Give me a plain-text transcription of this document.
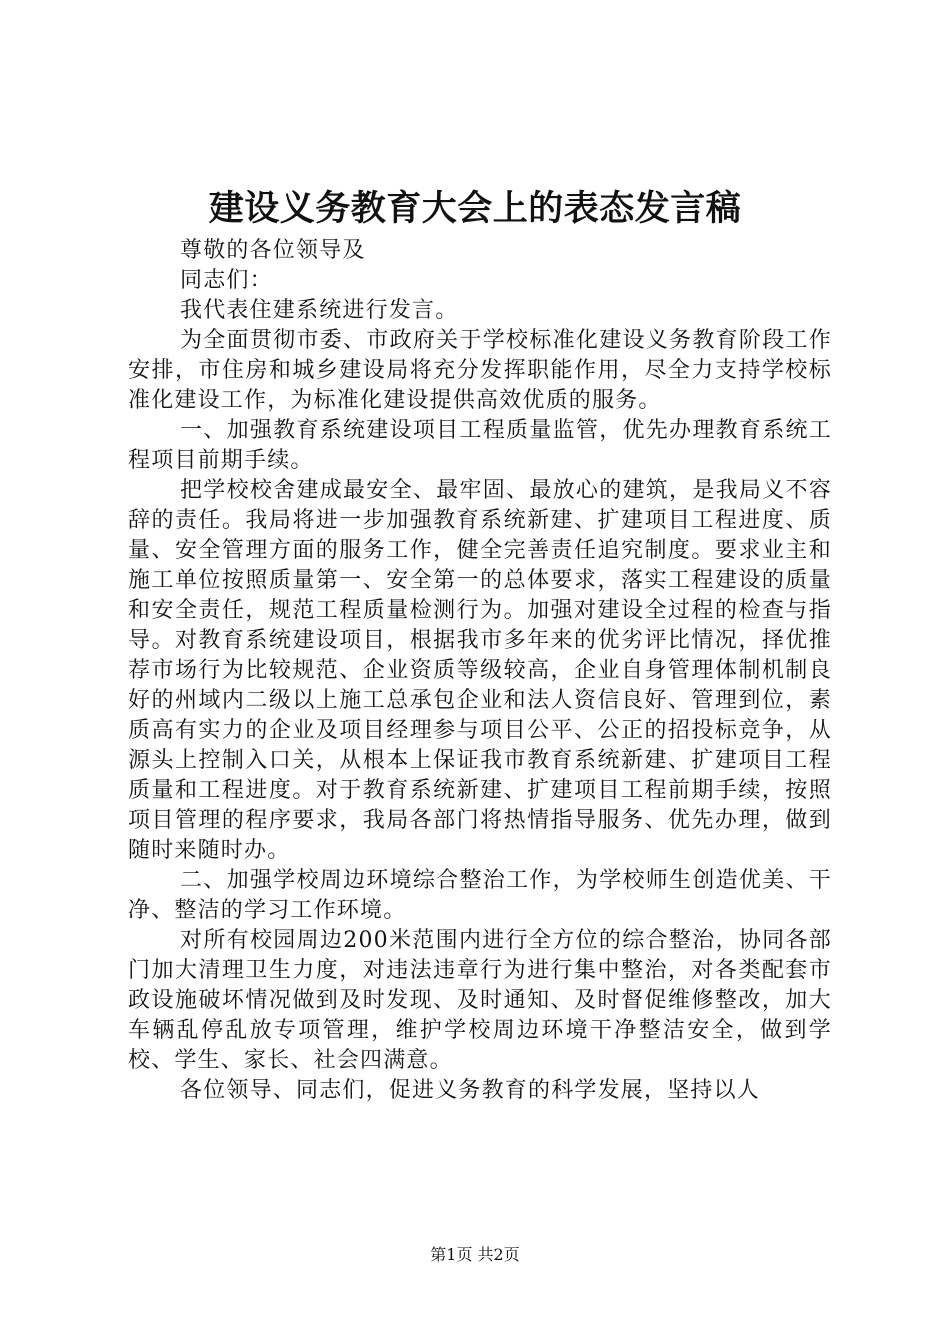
建设义务教育大会上的表态发言稿

尊敬的各位领导及

同志们：

我代表住建系统进行发言。

为全面贯彻市委、市政府关于学校标准化建设义务教育阶段工作安排，市住房和城乡建设局将充分发挥职能作用，尽全力支持学校标准化建设工作，为标准化建设提供高效优质的服务。

一、加强教育系统建设项目工程质量监管，优先办理教育系统工程项目前期手续。

把学校校舍建成最安全、最牢固、最放心的建筑，是我局义不容辞的责任。我局将进一步加强教育系统新建、扩建项目工程进度、质量、安全管理方面的服务工作，健全完善责任追究制度。要求业主和施工单位按照质量第一、安全第一的总体要求，落实工程建设的质量和安全责任，规范工程质量检测行为。加强对建设全过程的检查与指导。对教育系统建设项目，根据我市多年来的优劣评比情况，择优推荐市场行为比较规范、企业资质等级较高，企业自身管理体制机制良好的州域内二级以上施工总承包企业和法人资信良好、管理到位，素质高有实力的企业及项目经理参与项目公平、公正的招投标竞争，从源头上控制入口关，从根本上保证我市教育系统新建、扩建项目工程质量和工程进度。对于教育系统新建、扩建项目工程前期手续，按照项目管理的程序要求，我局各部门将热情指导服务、优先办理，做到随时来随时办。

二、加强学校周边环境综合整治工作，为学校师生创造优美、干净、整洁的学习工作环境。

对所有校园周边200米范围内进行全方位的综合整治，协同各部门加大清理卫生力度，对违法违章行为进行集中整治，对各类配套市政设施破坏情况做到及时发现、及时通知、及时督促维修整改，加大车辆乱停乱放专项管理，维护学校周边环境干净整洁安全，做到学校、学生、家长、社会四满意。

各位领导、同志们，促进义务教育的科学发展，坚持以人

第1页 共2页
